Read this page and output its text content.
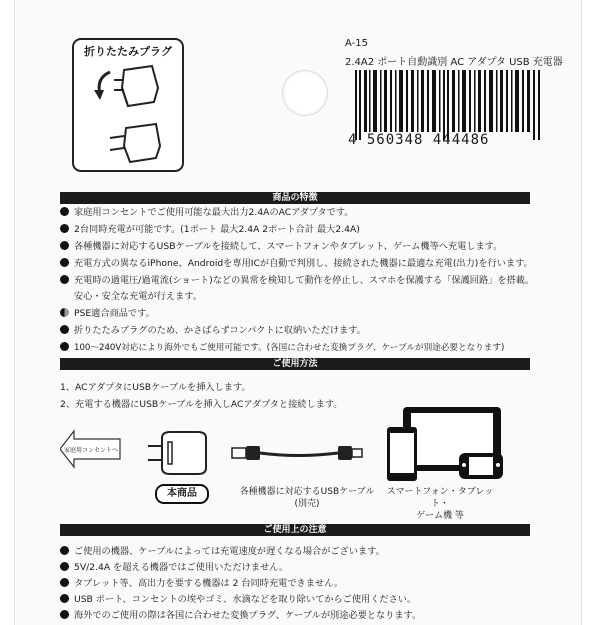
折りたたみプラグ
A-15
2.4A2 ポート自動識別 AC アダプタ USB 充電器
4 560348 444486
商品の特徴
家庭用コンセントでご使用可能な最大出力2.4AのACアダプタです。
2台同時充電が可能です。(1ポート 最大2.4A 2ポート合計 最大2.4A)
各種機器に対応するUSBケーブルを接続して、スマートフォンやタブレット、ゲーム機等へ充電します。
充電方式の異なるiPhone、Androidを専用ICが自動で判別し、接続された機器に最適な充電(出力)を行います。
充電時の過電圧/過電流(ショート)などの異常を検知して動作を停止し、スマホを保護する「保護回路」を搭載。
安心・安全な充電が行えます。
PSE適合商品です。
折りたたみプラグのため、かさばらずコンパクトに収納いただけます。
100～240V対応により海外でもご使用可能です。(各国に合わせた変換プラグ、ケーブルが別途必要となります)
ご使用方法
1、ACアダプタにUSBケーブルを挿入します。
2、充電する機器にUSBケーブルを挿入しACアダプタと接続します。
家庭用コンセントへ
本商品	各種機器に対応するUSBケーブル
(別売)
スマートフォン・タブレット・
ゲーム機 等
ご使用上の注意
ご使用の機器、ケーブルによっては充電速度が遅くなる場合がございます。
5V/2.4A を超える機器ではご使用いただけません。
タブレット等、高出力を要する機器は 2 台同時充電できません。
USB ポート、コンセントの埃やゴミ、水滴などを取り除いてからご使用ください。
海外でのご使用の際は各国に合わせた変換プラグ、ケーブルが別途必要となります。
